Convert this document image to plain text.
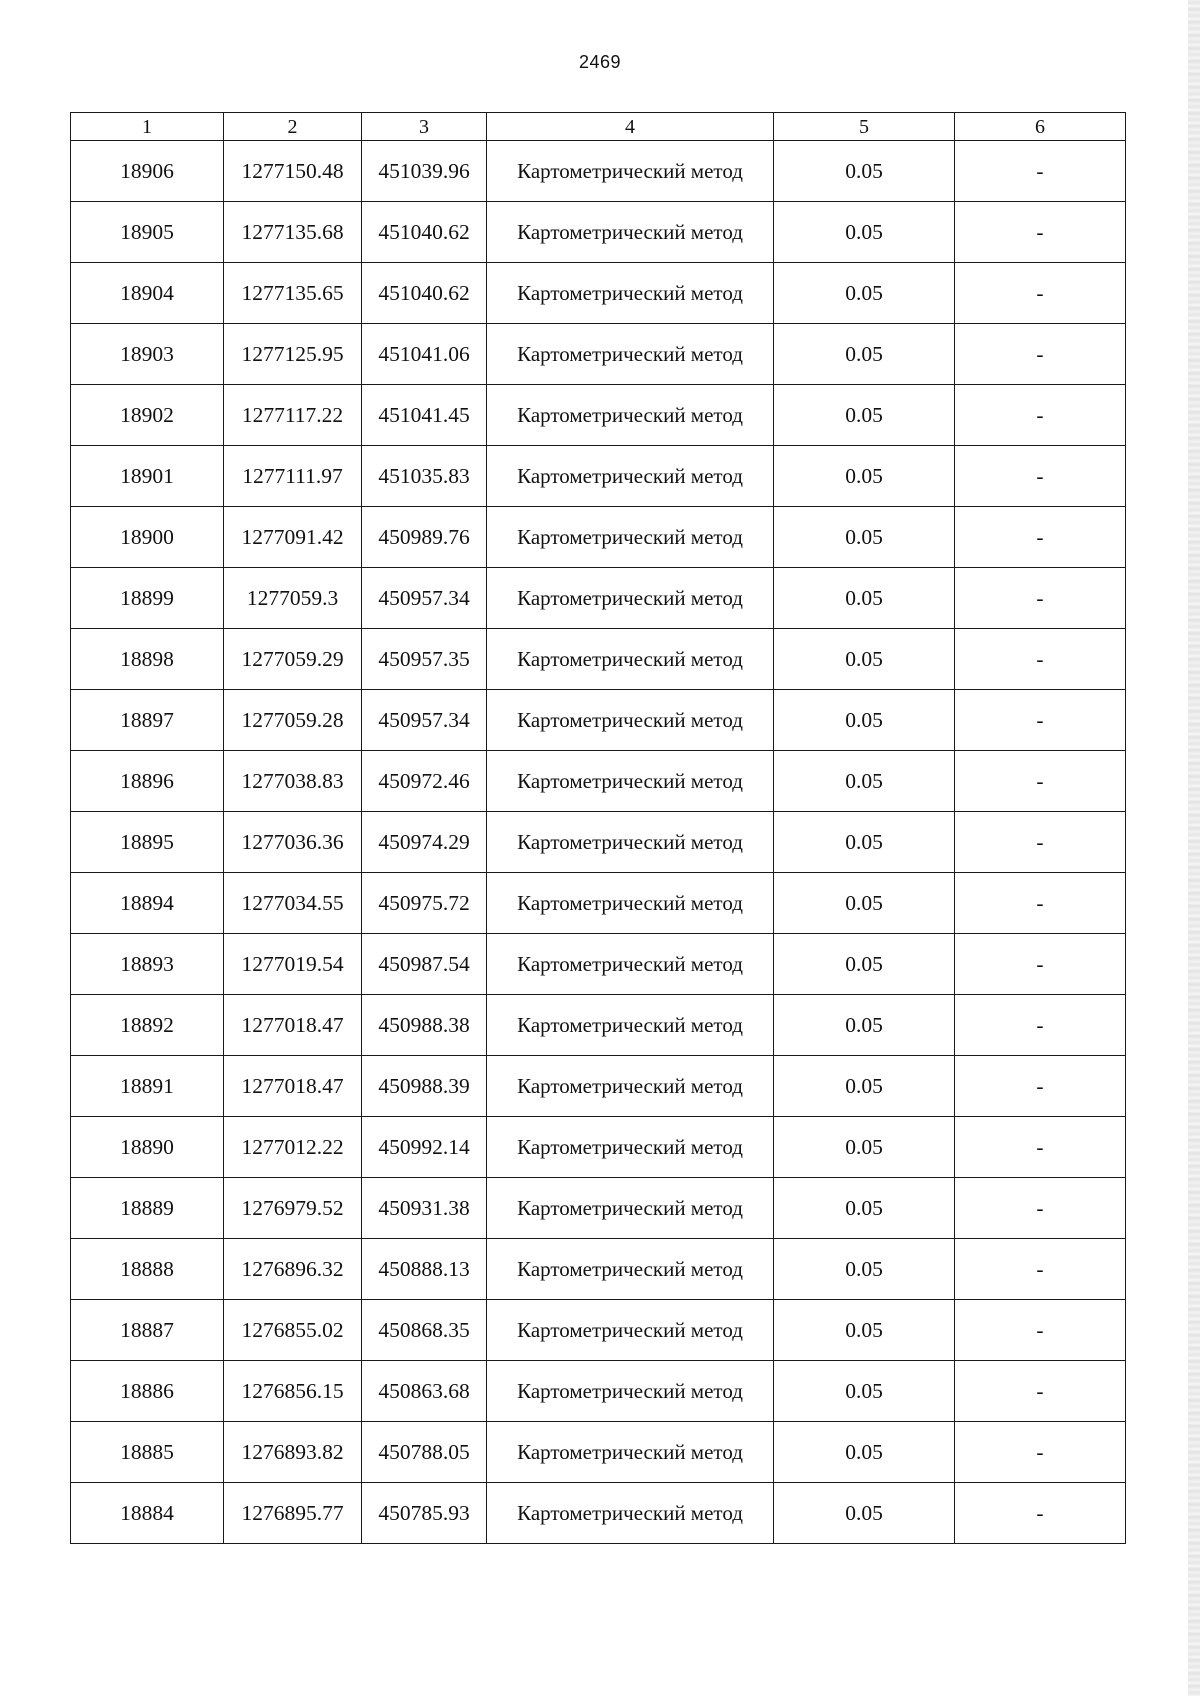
2469
1	2	3	4	5	6
18906	1277150.48	451039.96	Картометрический метод	0.05	-
18905	1277135.68	451040.62	Картометрический метод	0.05	-
18904	1277135.65	451040.62	Картометрический метод	0.05	-
18903	1277125.95	451041.06	Картометрический метод	0.05	-
18902	1277117.22	451041.45	Картометрический метод	0.05	-
18901	1277111.97	451035.83	Картометрический метод	0.05	-
18900	1277091.42	450989.76	Картометрический метод	0.05	-
18899	1277059.3	450957.34	Картометрический метод	0.05	-
18898	1277059.29	450957.35	Картометрический метод	0.05	-
18897	1277059.28	450957.34	Картометрический метод	0.05	-
18896	1277038.83	450972.46	Картометрический метод	0.05	-
18895	1277036.36	450974.29	Картометрический метод	0.05	-
18894	1277034.55	450975.72	Картометрический метод	0.05	-
18893	1277019.54	450987.54	Картометрический метод	0.05	-
18892	1277018.47	450988.38	Картометрический метод	0.05	-
18891	1277018.47	450988.39	Картометрический метод	0.05	-
18890	1277012.22	450992.14	Картометрический метод	0.05	-
18889	1276979.52	450931.38	Картометрический метод	0.05	-
18888	1276896.32	450888.13	Картометрический метод	0.05	-
18887	1276855.02	450868.35	Картометрический метод	0.05	-
18886	1276856.15	450863.68	Картометрический метод	0.05	-
18885	1276893.82	450788.05	Картометрический метод	0.05	-
18884	1276895.77	450785.93	Картометрический метод	0.05	-
